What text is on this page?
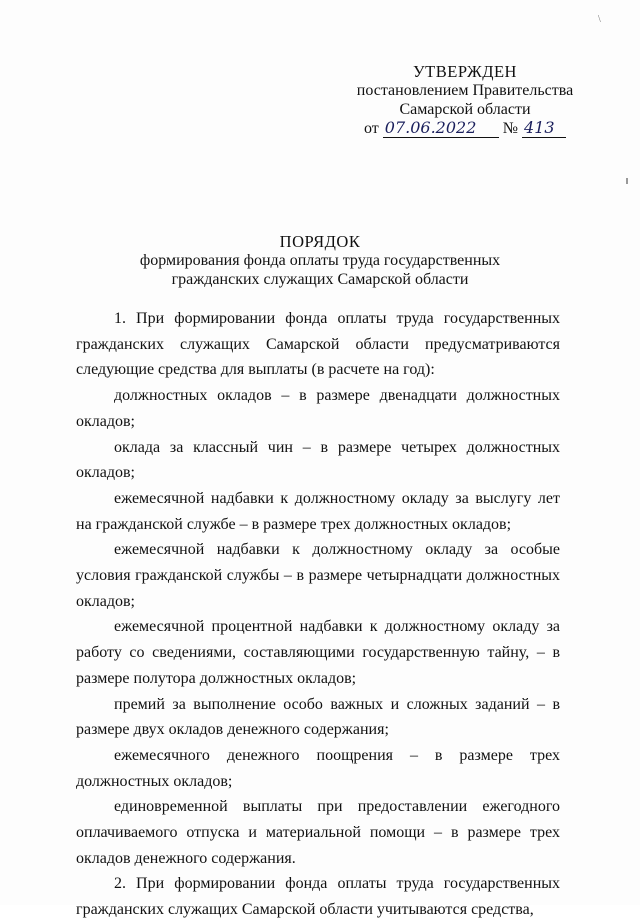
\
УТВЕРЖДЕН
постановлением Правительства
Самарской области
от 07.06.2022 № 413
ПОРЯДОК
формирования фонда оплаты труда государственных
гражданских служащих Самарской области

1. При формировании фонда оплаты труда государственных гражданских служащих Самарской области предусматриваются следующие средства для выплаты (в расчете на год):

должностных окладов – в размере двенадцати должностных окладов;

оклада за классный чин – в размере четырех должностных окладов;

ежемесячной надбавки к должностному окладу за выслугу лет на гражданской службе – в размере трех должностных окладов;

ежемесячной надбавки к должностному окладу за особые условия гражданской службы – в размере четырнадцати должностных окладов;

ежемесячной процентной надбавки к должностному окладу за работу со сведениями, составляющими государственную тайну, – в размере полутора должностных окладов;

премий за выполнение особо важных и сложных заданий – в размере двух окладов денежного содержания;

ежемесячного денежного поощрения – в размере трех должностных окладов;

единовременной выплаты при предоставлении ежегодного оплачиваемого отпуска и материальной помощи – в размере трех окладов денежного содержания.

2. При формировании фонда оплаты труда государственных гражданских служащих Самарской области учитываются средства,
